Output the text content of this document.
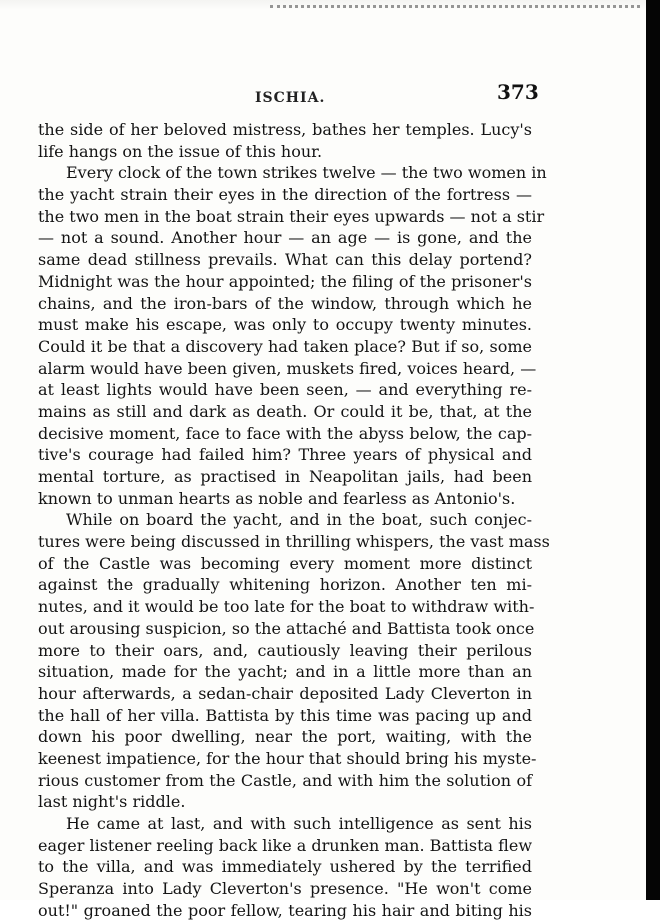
ISCHIA.	373
the side of her beloved mistress, bathes her temples. Lucy's
life hangs on the issue of this hour.
Every clock of the town strikes twelve — the two women in
the yacht strain their eyes in the direction of the fortress —
the two men in the boat strain their eyes upwards — not a stir
— not a sound. Another hour — an age — is gone, and the
same dead stillness prevails. What can this delay portend?
Midnight was the hour appointed; the filing of the prisoner's
chains, and the iron-bars of the window, through which he
must make his escape, was only to occupy twenty minutes.
Could it be that a discovery had taken place? But if so, some
alarm would have been given, muskets fired, voices heard, —
at least lights would have been seen, — and everything re-
mains as still and dark as death. Or could it be, that, at the
decisive moment, face to face with the abyss below, the cap-
tive's courage had failed him? Three years of physical and
mental torture, as practised in Neapolitan jails, had been
known to unman hearts as noble and fearless as Antonio's.
While on board the yacht, and in the boat, such conjec-
tures were being discussed in thrilling whispers, the vast mass
of the Castle was becoming every moment more distinct
against the gradually whitening horizon. Another ten mi-
nutes, and it would be too late for the boat to withdraw with-
out arousing suspicion, so the attaché and Battista took once
more to their oars, and, cautiously leaving their perilous
situation, made for the yacht; and in a little more than an
hour afterwards, a sedan-chair deposited Lady Cleverton in
the hall of her villa. Battista by this time was pacing up and
down his poor dwelling, near the port, waiting, with the
keenest impatience, for the hour that should bring his myste-
rious customer from the Castle, and with him the solution of
last night's riddle.
He came at last, and with such intelligence as sent his
eager listener reeling back like a drunken man. Battista flew
to the villa, and was immediately ushered by the terrified
Speranza into Lady Cleverton's presence. "He won't come
out!" groaned the poor fellow, tearing his hair and biting his
